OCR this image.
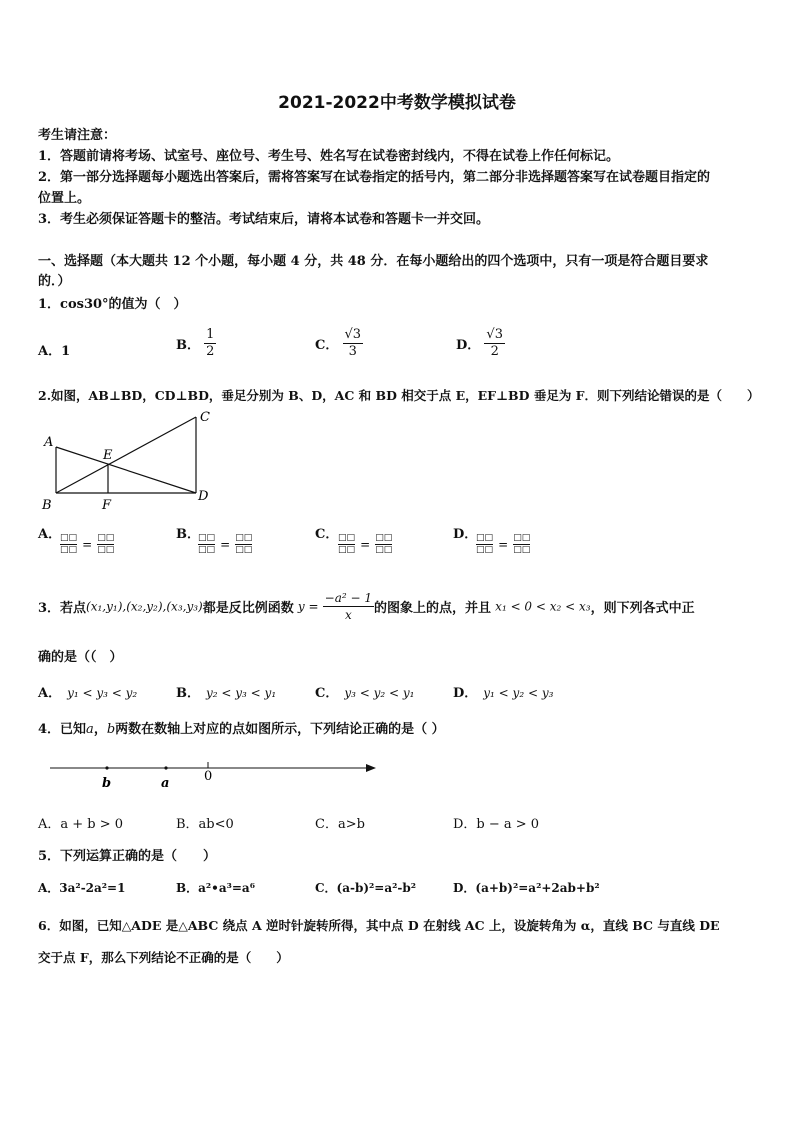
2021-2022中考数学模拟试卷
考生请注意：
1．答题前请将考场、试室号、座位号、考生号、姓名写在试卷密封线内，不得在试卷上作任何标记。
2．第一部分选择题每小题选出答案后，需将答案写在试卷指定的括号内，第二部分非选择题答案写在试卷题目指定的
位置上。
3．考生必须保证答题卡的整洁。考试结束后，请将本试卷和答题卡一并交回。
一、选择题（本大题共 12 个小题，每小题 4 分，共 48 分．在每小题给出的四个选项中，只有一项是符合题目要求
的．）
1．cos30°的值为（　）
A．1	B． $\frac{1}{2}$	C． $\frac{√3}{3}$	D． $\frac{√3}{2}$
2.如图，AB⊥BD，CD⊥BD，垂足分别为 B、D，AC 和 BD 相交于点 E，EF⊥BD 垂足为 F．则下列结论错误的是（　　）
A
B
C
D
E
F
A．
□□
□□ = □□
□□
B．
□□
□□ = □□
□□
C． □□
□□ = □□
□□
D．
□□
□□ = □□
□□
3．若点(x₁,y₁),(x₂,y₂),(x₃,y₃)都是反比例函数 $y = \frac{\text{−a² − 1}}{x}$ 的图象上的点，并且 x₁ < 0 < x₂ < x₃，则下列各式中正
确的是（（　）
A． y₁ < y₃ < y₂	B． y₂ < y₃ < y₁	C． y₃ < y₂ < y₁	D． y₁ < y₂ < y₃
4．已知a，b两数在数轴上对应的点如图所示，下列结论正确的是（ ）
b	a	0
A．a + b > 0	B．ab<0	C．a>b	D．b − a > 0
5．下列运算正确的是（　　）
A．3a²-2a²=1	B．a²•a³=a⁶	C．(a-b)²=a²-b²	D．(a+b)²=a²+2ab+b²
6．如图，已知△ADE 是△ABC 绕点 A 逆时针旋转所得，其中点 D 在射线 AC 上，设旋转角为 α，直线 BC 与直线 DE
交于点 F，那么下列结论不正确的是（　　）
